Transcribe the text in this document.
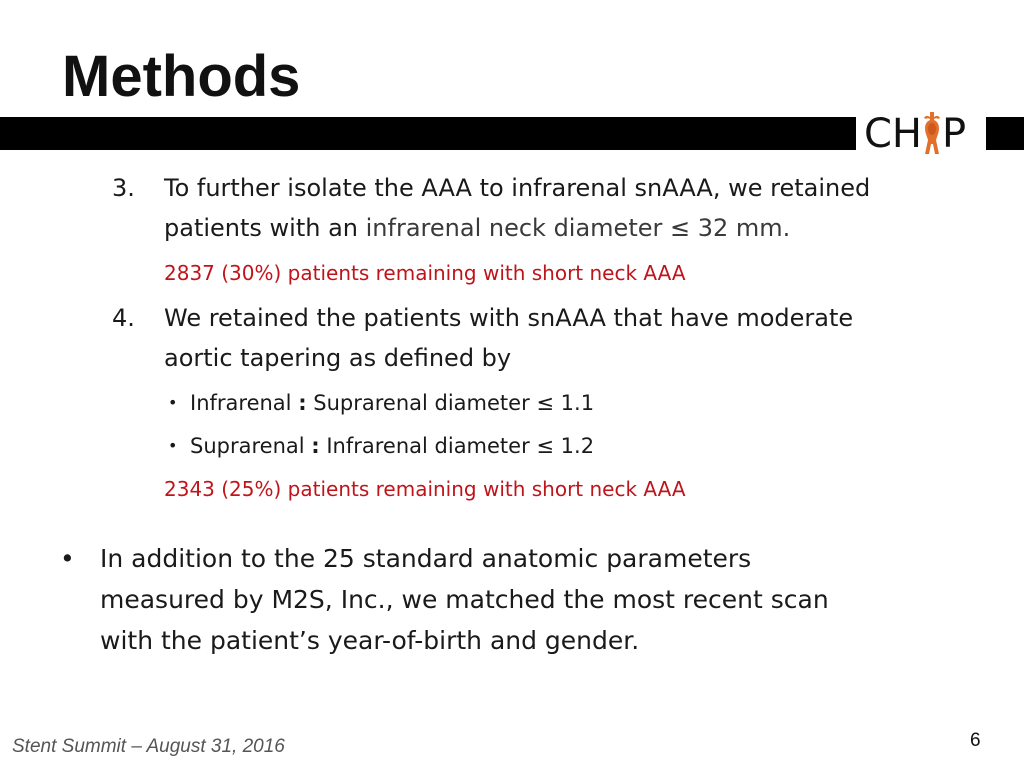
Methods
CH P
3. To further isolate the AAA to infrarenal snAAA, we retained
patients with an infrarenal neck diameter ≤ 32 mm.
2837 (30%) patients remaining with short neck AAA
4. We retained the patients with snAAA that have moderate
aortic tapering as defined by
• Infrarenal : Suprarenal diameter ≤ 1.1
• Suprarenal : Infrarenal diameter ≤ 1.2
2343 (25%) patients remaining with short neck AAA
• In addition to the 25 standard anatomic parameters
measured by M2S, Inc., we matched the most recent scan
with the patient’s year-of-birth and gender.
Stent Summit – August 31, 2016	6
